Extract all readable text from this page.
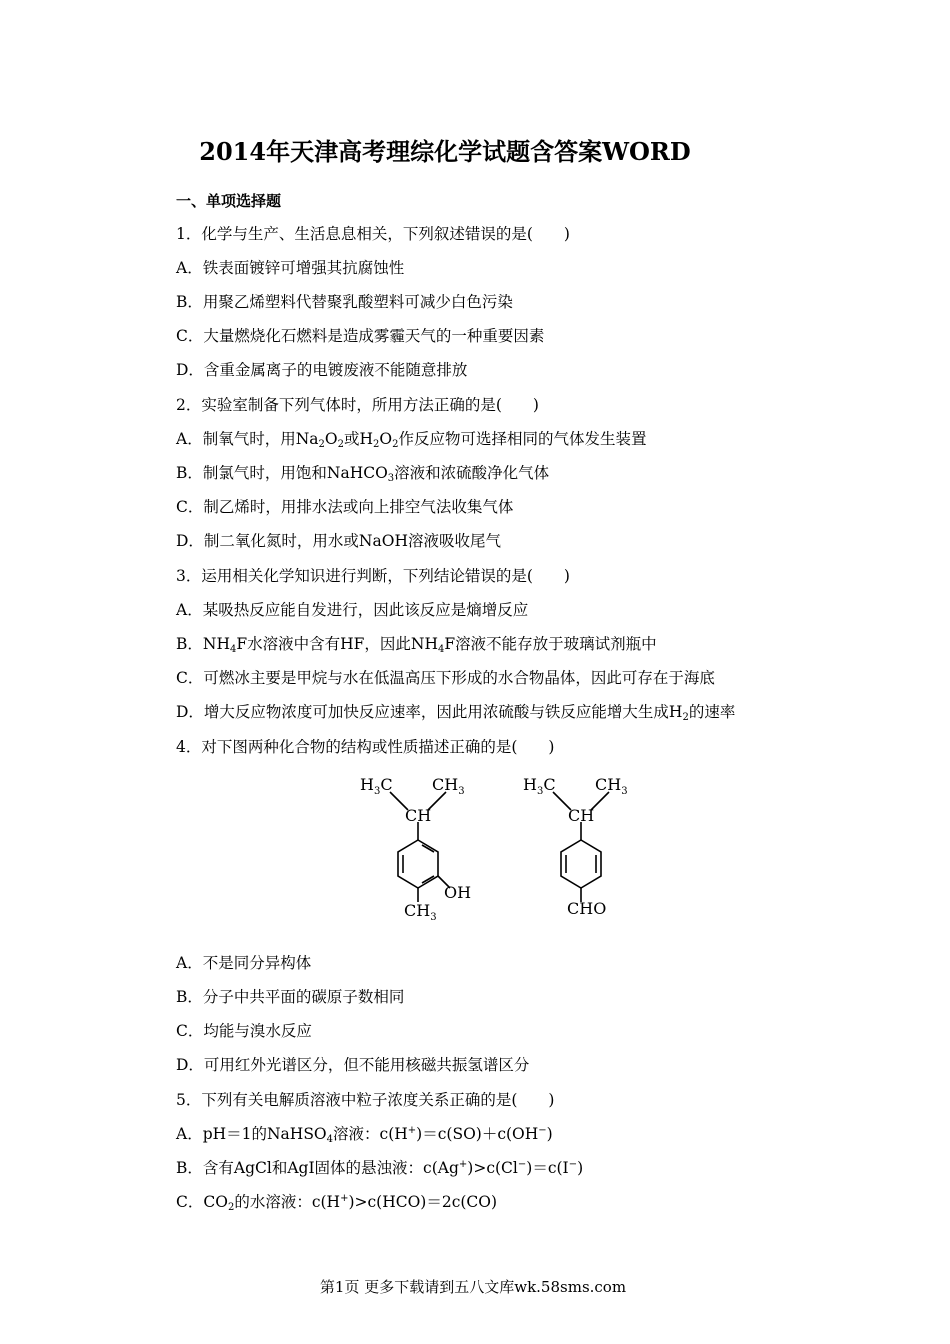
2014年天津高考理综化学试题含答案WORD
一、单项选择题
1．化学与生产、生活息息相关，下列叙述错误的是(　　)
A．铁表面镀锌可增强其抗腐蚀性
B．用聚乙烯塑料代替聚乳酸塑料可减少白色污染
C．大量燃烧化石燃料是造成雾霾天气的一种重要因素
D．含重金属离子的电镀废液不能随意排放
2．实验室制备下列气体时，所用方法正确的是(　　)
A．制氧气时，用$Na_2O_2$或$H_2O_2$作反应物可选择相同的气体发生装置
B．制氯气时，用饱和NaHCO$_3$溶液和浓硫酸净化气体
C．制乙烯时，用排水法或向上排空气法收集气体
D．制二氧化氮时，用水或NaOH溶液吸收尾气
3．运用相关化学知识进行判断，下列结论错误的是(　　)
A．某吸热反应能自发进行，因此该反应是熵增反应
B．$NH_4F$水溶液中含有HF，因此$NH_4F$溶液不能存放于玻璃试剂瓶中
C．可燃冰主要是甲烷与水在低温高压下形成的水合物晶体，因此可存在于海底
D．增大反应物浓度可加快反应速率，因此用浓硫酸与铁反应能增大生成$H_2$的速率
4．对下图两种化合物的结构或性质描述正确的是(　　)
$H_3C$ $CH_3$
CH
OH
$CH_3$
$H_3C$ $CH_3$
CH
CHO
A．不是同分异构体
B．分子中共平面的碳原子数相同
C．均能与溴水反应
D．可用红外光谱区分，但不能用核磁共振氢谱区分
5．下列有关电解质溶液中粒子浓度关系正确的是(　　)
A．pH＝1的NaHSO$_4$溶液：c(H+)＝c(SO)＋c(OH−)
B．含有AgCl和AgI固体的悬浊液：c(Ag+)>c(Cl−)＝c(I−)
C．$CO_2$的水溶液：c(H+)>c(HCO)＝2c(CO)
第1页 更多下载请到五八文库wk.58sms.com
